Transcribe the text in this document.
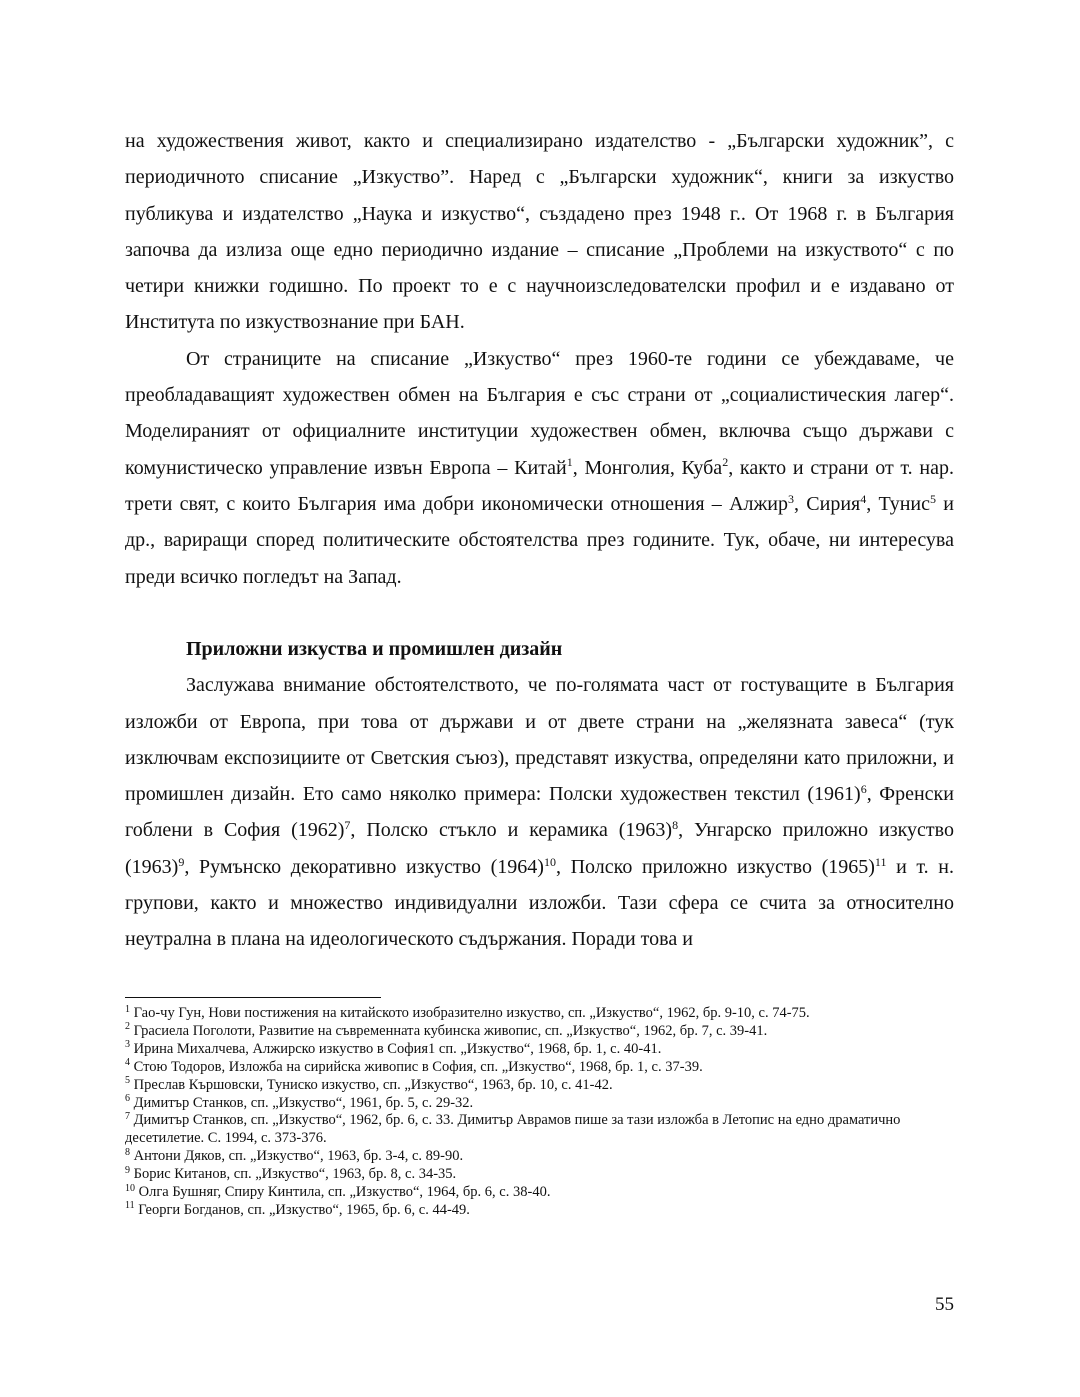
на художествения живот, както и специализирано издателство - „Български художник”, с периодичното списание „Изкуство”. Наред с „Български художник“, книги за изкуство публикува и издателство „Наука и изкуство“, създадено през 1948 г.. От 1968 г. в България започва да излиза още едно периодично издание – списание „Проблеми на изкуството“ с по четири книжки годишно. По проект то е с научноизследователски профил и е издавано от Института по изкуствознание при БАН.

От страниците на списание „Изкуство“ през 1960-те години се убеждаваме, че преобладаващият художествен обмен на България е със страни от „социалистическия лагер“. Моделираният от официалните институции художествен обмен, включва също държави с комунистическо управление извън Европа – Китай$^1$, Монголия, Куба$^2$, както и страни от т. нар. трети свят, с които България има добри икономически отношения – Алжир$^3$, Сирия$^4$, Тунис$^5$ и др., вариращи според политическите обстоятелства през годините. Тук, обаче, ни интересува преди всичко погледът на Запад.

Приложни изкуства и промишлен дизайн

Заслужава внимание обстоятелството, че по-голямата част от гостуващите в България изложби от Европа, при това от държави и от двете страни на „желязната завеса“ (тук изключвам експозициите от Светския съюз), представят изкуства, определяни като приложни, и промишлен дизайн. Ето само няколко примера: Полски художествен текстил $(1961)^6$, Френски гоблени в София $(1962)^7$, Полско стъкло и керамика $(1963)^8$, Унгарско приложно изкуство $(1963)^9$, Румънско декоративно изкуство $(1964)^{10}$, Полско приложно изкуство $(1965)^{11}$ и т. н. групови, както и множество индивидуални изложби. Тази сфера се счита за относително неутрална в плана на идеологическото съдържания. Поради това и

$^1$ Гао-чу Гун, Нови постижения на китайското изобразително изкуство, сп. „Изкуство“, 1962, бр. 9-10, с. 74-75.

$^2$ Грасиела Поголоти, Развитие на съвременната кубинска живопис, сп. „Изкуство“, 1962, бр. 7, с. 39-41.

$^3$ Ирина Михалчева, Алжирско изкуство в София1 сп. „Изкуство“, 1968, бр. 1, с. 40-41.

$^4$ Стою Тодоров, Изложба на сирийска живопис в София, сп. „Изкуство“, 1968, бр. 1, с. 37-39.

$^5$ Преслав Кършовски, Туниско изкуство, сп. „Изкуство“, 1963, бр. 10, с. 41-42.

$^6$ Димитър Станков, сп. „Изкуство“, 1961, бр. 5, с. 29-32.

$^7$ Димитър Станков, сп. „Изкуство“, 1962, бр. 6, с. 33. Димитър Аврамов пише за тази изложба в Летопис на едно драматично десетилетие. С. 1994, с. 373-376.

$^8$ Антони Дяков, сп. „Изкуство“, 1963, бр. 3-4, с. 89-90.

$^9$ Борис Китанов, сп. „Изкуство“, 1963, бр. 8, с. 34-35.

$^{10}$ Олга Бушняг, Спиру Кинтила, сп. „Изкуство“, 1964, бр. 6, с. 38-40.

$^{11}$ Георги Богданов, сп. „Изкуство“, 1965, бр. 6, с. 44-49.

55
